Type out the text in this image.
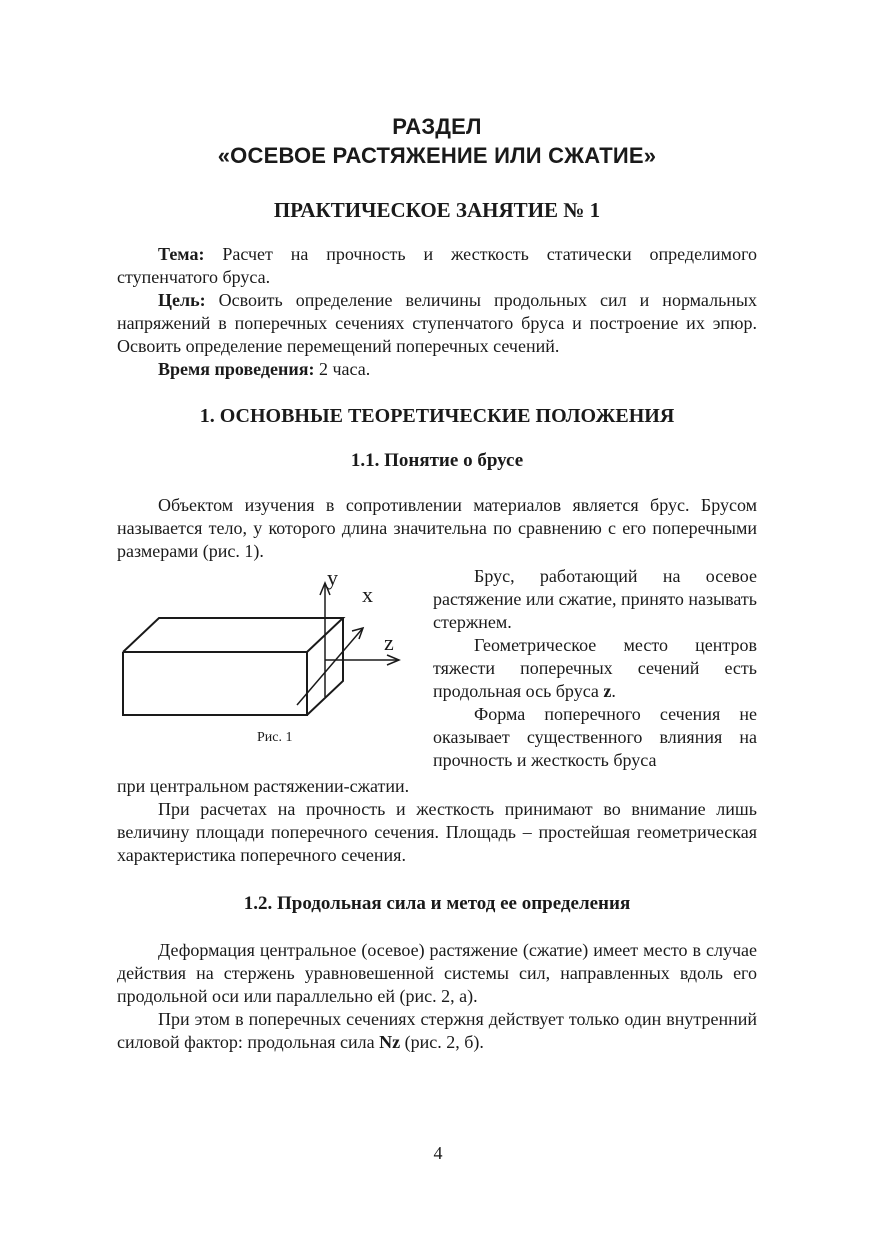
РАЗДЕЛ
«ОСЕВОЕ РАСТЯЖЕНИЕ ИЛИ СЖАТИЕ»
ПРАКТИЧЕСКОЕ ЗАНЯТИЕ № 1

Тема: Расчет на прочность и жесткость статически определимого ступенчатого бруса.

Цель: Освоить определение величины продольных сил и нормальных напряжений в поперечных сечениях ступенчатого бруса и построение их эпюр. Освоить определение перемещений поперечных сечений.

Время проведения: 2 часа.

1. ОСНОВНЫЕ ТЕОРЕТИЧЕСКИЕ ПОЛОЖЕНИЯ
1.1. Понятие о брусе

Объектом изучения в сопротивлении материалов является брус. Брусом называется тело, у которого длина значительна по сравнению с его поперечными размерами (рис. 1).

y
x
z
Рис. 1

Брус, работающий на осевое растяжение или сжатие, принято называть стержнем.

Геометрическое место центров тяжести поперечных сечений есть продольная ось бруса z.

Форма поперечного сечения не оказывает существенного влияния на прочность и жесткость бруса

при центральном растяжении-сжатии.

При расчетах на прочность и жесткость принимают во внимание лишь величину площади поперечного сечения. Площадь – простейшая геометрическая характеристика поперечного сечения.

1.2. Продольная сила и метод ее определения

Деформация центральное (осевое) растяжение (сжатие) имеет место в случае действия на стержень уравновешенной системы сил, направленных вдоль его продольной оси или параллельно ей (рис. 2, а).

При этом в поперечных сечениях стержня действует только один внутренний силовой фактор: продольная сила Nz (рис. 2, б).

4
